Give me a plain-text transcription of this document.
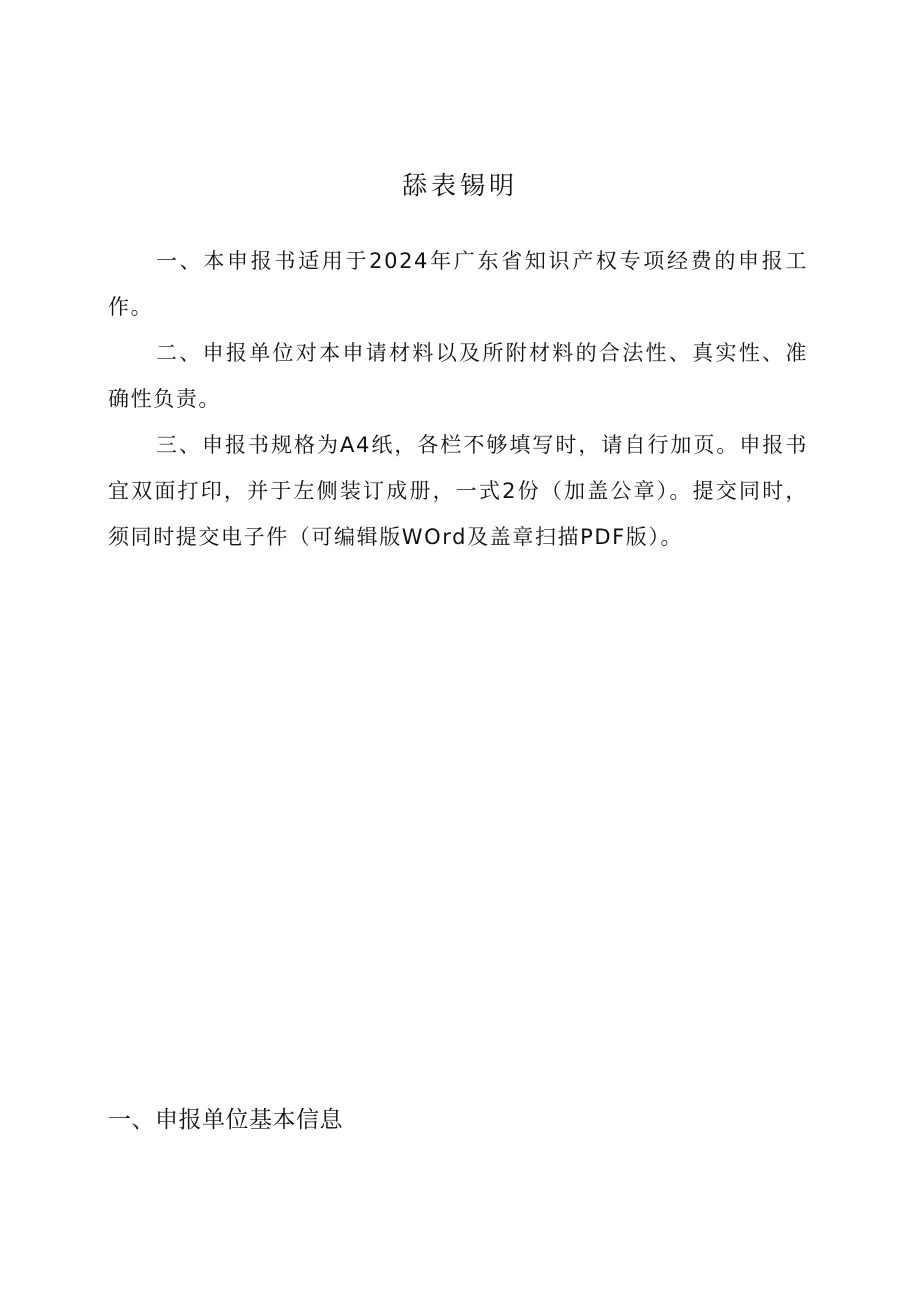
舔表锡明

一、本申报书适用于2024年广东省知识产权专项经费的申报工作。

二、申报单位对本申请材料以及所附材料的合法性、真实性、准确性负责。

三、申报书规格为A4纸，各栏不够填写时，请自行加页。申报书宜双面打印，并于左侧装订成册，一式2份（加盖公章）。提交同时，须同时提交电子件（可编辑版WOrd及盖章扫描PDF版）。

一、申报单位基本信息
